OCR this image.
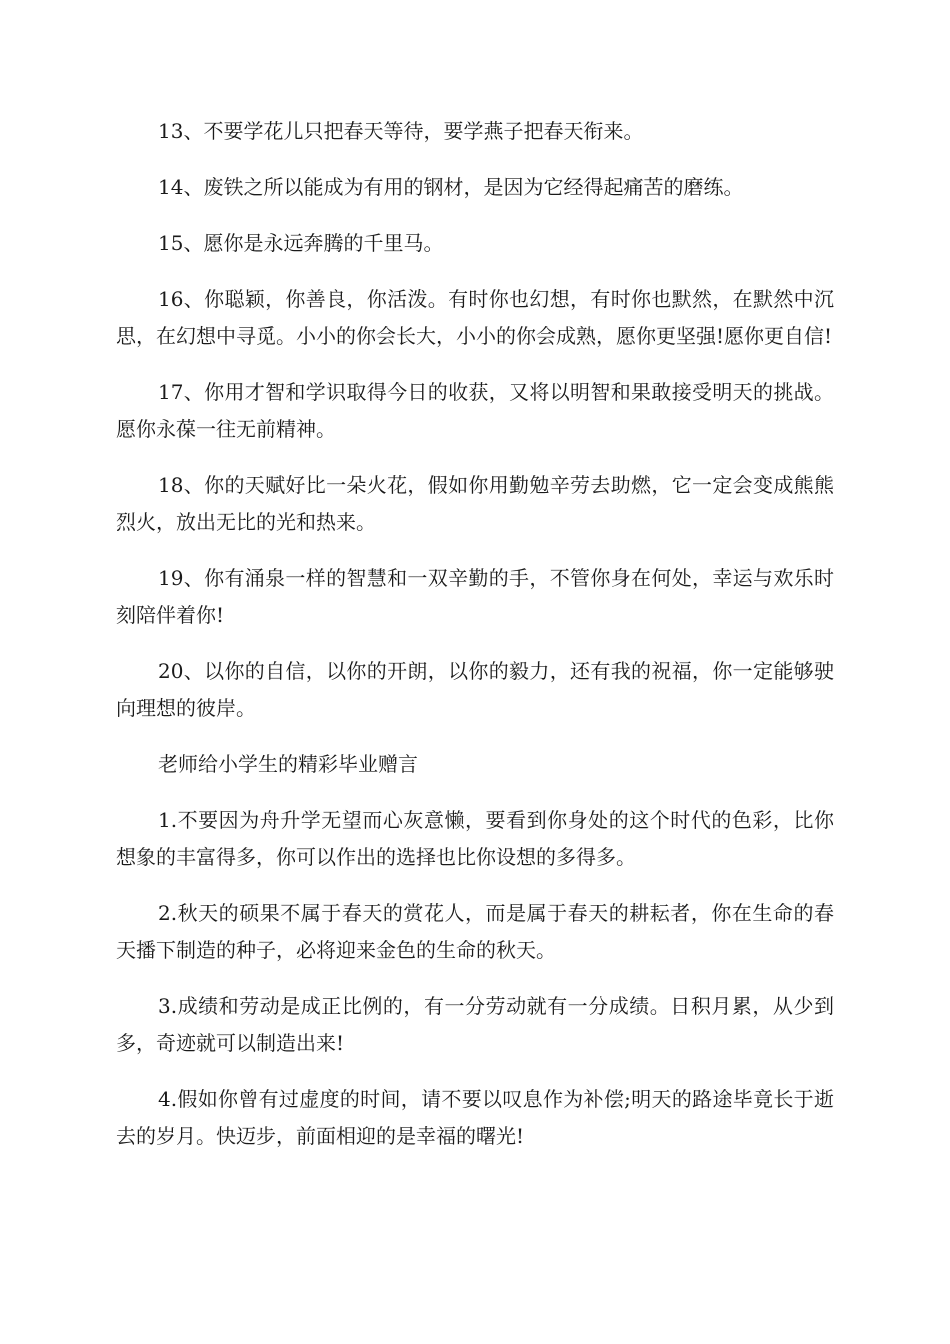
13、不要学花儿只把春天等待，要学燕子把春天衔来。

14、废铁之所以能成为有用的钢材，是因为它经得起痛苦的磨练。

15、愿你是永远奔腾的千里马。

16、你聪颖，你善良，你活泼。有时你也幻想，有时你也默然，在默然中沉思，在幻想中寻觅。小小的你会长大，小小的你会成熟，愿你更坚强!愿你更自信!

17、你用才智和学识取得今日的收获，又将以明智和果敢接受明天的挑战。愿你永葆一往无前精神。

18、你的天赋好比一朵火花，假如你用勤勉辛劳去助燃，它一定会变成熊熊烈火，放出无比的光和热来。

19、你有涌泉一样的智慧和一双辛勤的手，不管你身在何处，幸运与欢乐时刻陪伴着你!

20、以你的自信，以你的开朗，以你的毅力，还有我的祝福，你一定能够驶向理想的彼岸。

老师给小学生的精彩毕业赠言

1.不要因为舟升学无望而心灰意懒，要看到你身处的这个时代的色彩，比你想象的丰富得多，你可以作出的选择也比你设想的多得多。

2.秋天的硕果不属于春天的赏花人，而是属于春天的耕耘者，你在生命的春天播下制造的种子，必将迎来金色的生命的秋天。

3.成绩和劳动是成正比例的，有一分劳动就有一分成绩。日积月累，从少到多，奇迹就可以制造出来!

4.假如你曾有过虚度的时间，请不要以叹息作为补偿;明天的路途毕竟长于逝去的岁月。快迈步，前面相迎的是幸福的曙光!
